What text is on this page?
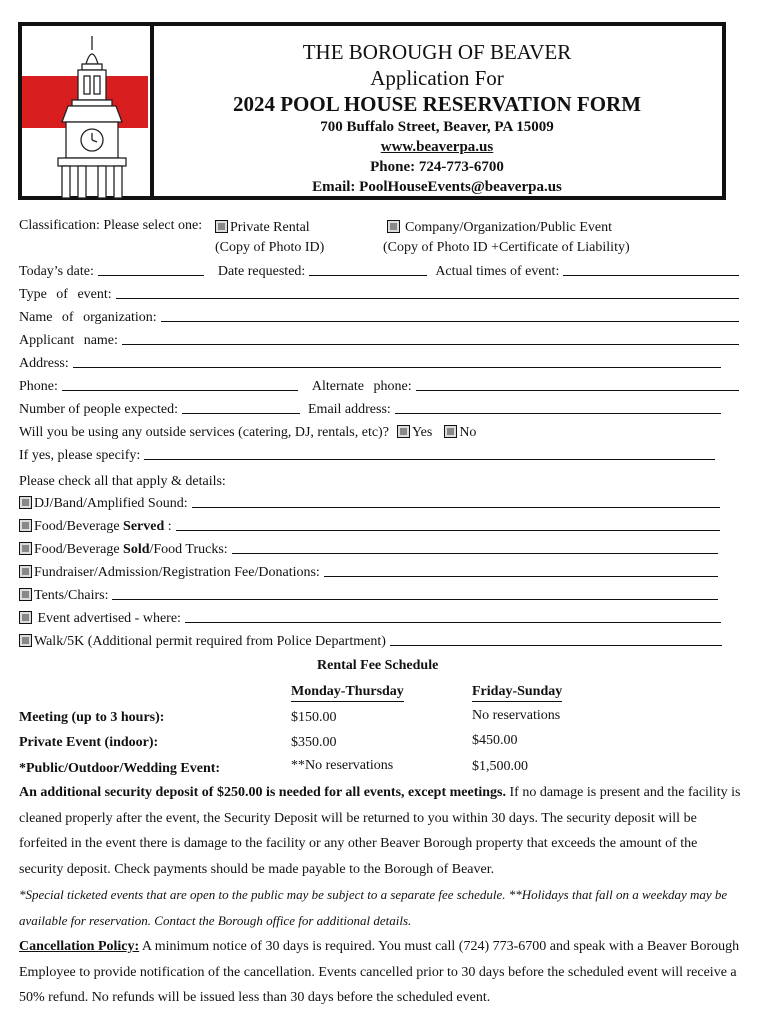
THE BOROUGH OF BEAVER
Application For
2024 POOL HOUSE RESERVATION FORM
700 Buffalo Street, Beaver, PA 15009
www.beaverpa.us
Phone: 724-773-6700
Email: PoolHouseEvents@beaverpa.us
Classification: Please select one:	Private Rental
(Copy of Photo ID)
Company/Organization/Public Event
(Copy of Photo ID +Certificate of Liability)
Today’s date:	Date requested:	Actual times of event:
Type of event:
Name of organization:
Applicant name:
Address:
Phone:	Alternate phone:
Number of people expected:	Email address:
Will you be using any outside services (catering, DJ, rentals, etc)?	Yes	No
If yes, please specify:
Please check all that apply & details:
DJ/Band/Amplified Sound:
Food/Beverage Served :
Food/Beverage Sold/Food Trucks:
Fundraiser/Admission/Registration Fee/Donations:
Tents/Chairs:
Event advertised - where:
Walk/5K (Additional permit required from Police Department)
Rental Fee Schedule
Monday-Thursday	Friday-Sunday
Meeting (up to 3 hours):	$150.00	No reservations
Private Event (indoor):	$350.00	$450.00
*Public/Outdoor/Wedding Event:	**No reservations	$1,500.00
An additional security deposit of $250.00 is needed for all events, except meetings. If no damage is present and the facility is cleaned properly after the event, the Security Deposit will be returned to you within 30 days. The security deposit will be forfeited in the event there is damage to the facility or any other Beaver Borough property that exceeds the amount of the security deposit. Check payments should be made payable to the Borough of Beaver.
*Special ticketed events that are open to the public may be subject to a separate fee schedule. **Holidays that fall on a weekday may be available for reservation. Contact the Borough office for additional details.
Cancellation Policy: A minimum notice of 30 days is required. You must call (724) 773-6700 and speak with a Beaver Borough Employee to provide notification of the cancellation. Events cancelled prior to 30 days before the scheduled event will receive a 50% refund. No refunds will be issued less than 30 days before the scheduled event.
